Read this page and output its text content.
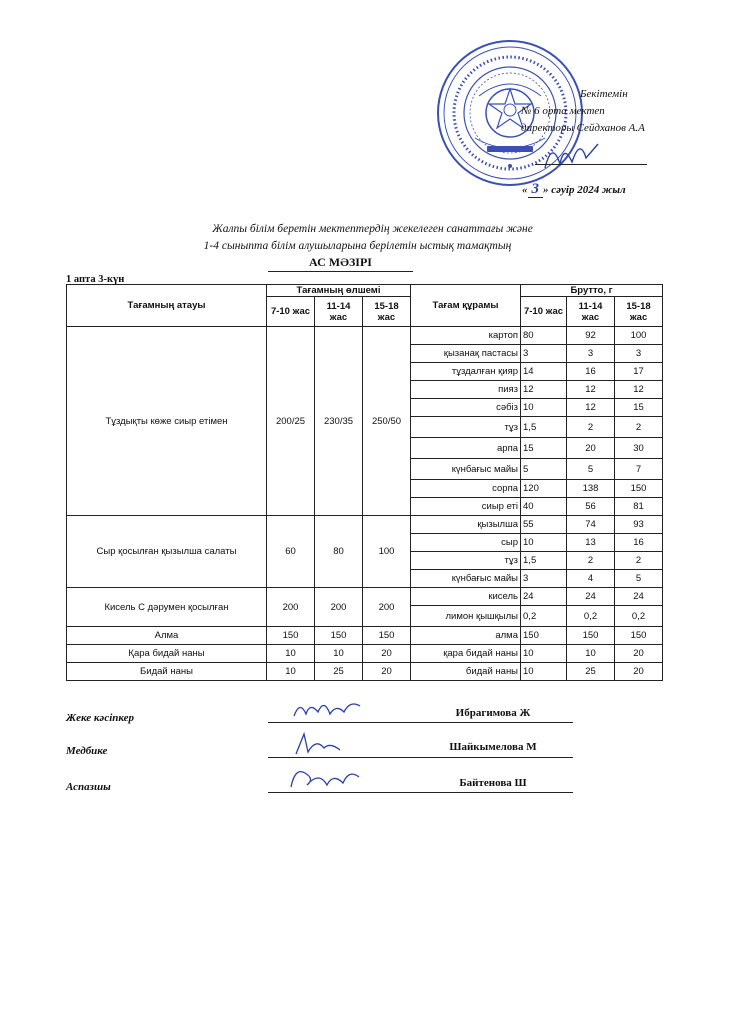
Бекітемін
№ 6 орта мектеп
директоры Сейдханов А.А
« 3 » сәуір 2024 жыл
Жалпы білім беретін мектептердің жекелеген санаттағы және
1-4 сыныпта білім алушыларына берілетін ыстық тамақтың
АС МӘЗІРІ
1 апта 3-күн
Тағамның атауы	Тағамның өлшемі			Тағам құрамы	Брутто, г		
	7-10 жас	11-14 жас	15-18 жас		7-10 жас	11-14 жас	15-18 жас
Тұздықты көже сиыр етімен	200/25	230/35	250/50	картоп	80	92	100
				қызанақ пастасы	3	3	3
				тұздалған қияр	14	16	17
				пияз	12	12	12
				сәбіз	10	12	15
				тұз	1,5	2	2
				арпа	15	20	30
				күнбағыс майы	5	5	7
				сорпа	120	138	150
				сиыр еті	40	56	81
Сыр қосылған қызылша салаты	60	80	100	қызылша	55	74	93
				сыр	10	13	16
				тұз	1,5	2	2
				күнбағыс майы	3	4	5
Кисель С дәрумен қосылған	200	200	200	кисель	24	24	24
				лимон қышқылы	0,2	0,2	0,2
Алма	150	150	150	алма	150	150	150
Қара бидай наны	10	10	20	қара бидай наны	10	10	20
Бидай наны	10	25	20	бидай наны	10	25	20
Жеке кәсіпкер	Ибрагимова Ж
Медбике	Шайкымелова М
Аспазшы	Байтенова Ш
